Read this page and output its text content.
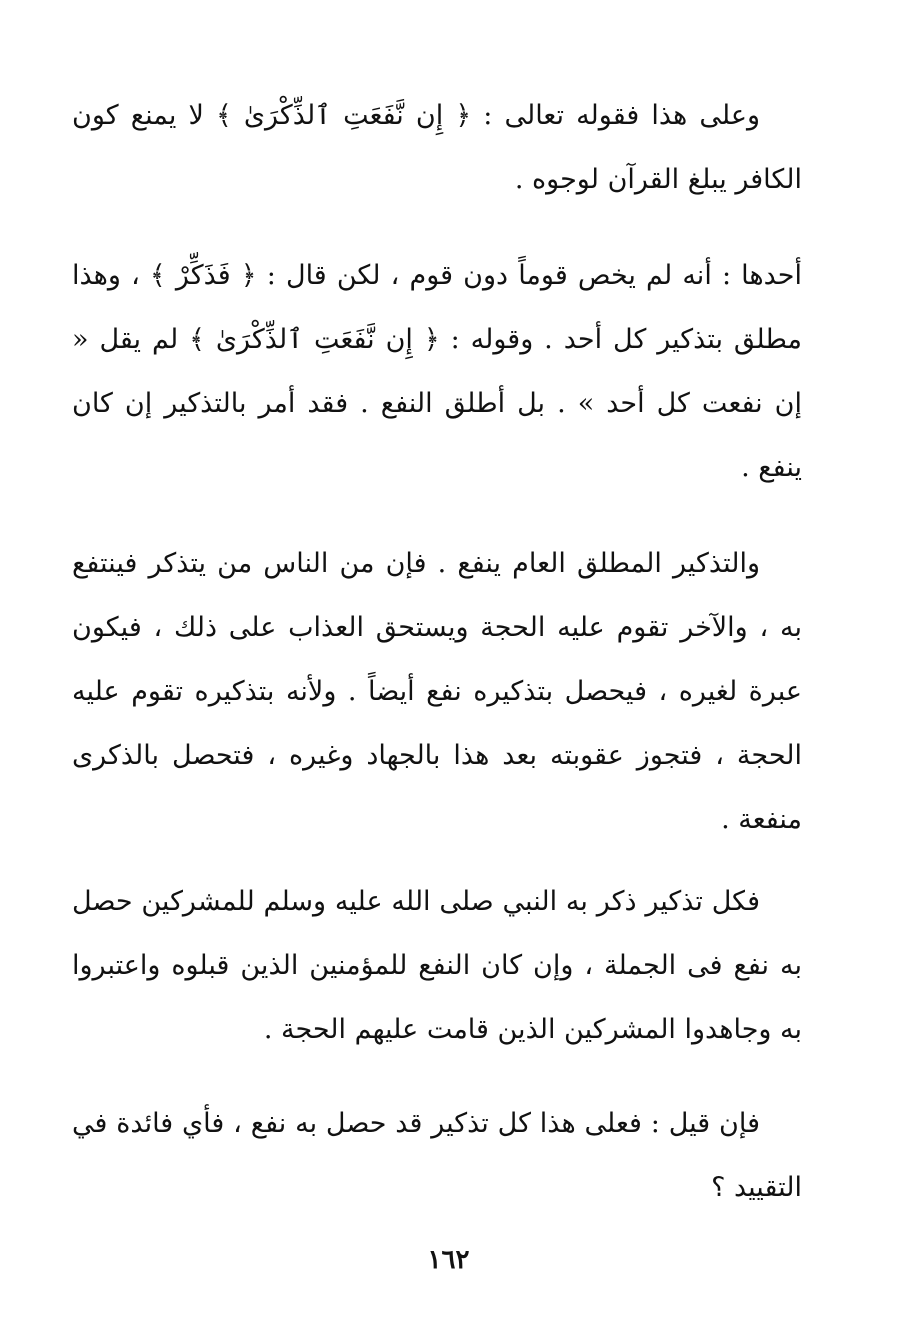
وعلى هذا فقوله تعالى : ﴿ إِن نَّفَعَتِ ٱلذِّكْرَىٰ ﴾ لا يمنع كون الكافر يبلغ القرآن لوجوه .

أحدها : أنه لم يخص قوماً دون قوم ، لكن قال : ﴿ فَذَكِّرْ ﴾ ، وهذا مطلق بتذكير كل أحد . وقوله : ﴿ إِن نَّفَعَتِ ٱلذِّكْرَىٰ ﴾ لم يقل « إن نفعت كل أحد » . بل أطلق النفع . فقد أمر بالتذكير إن كان ينفع .

والتذكير المطلق العام ينفع . فإن من الناس من يتذكر فينتفع به ، والآخر تقوم عليه الحجة ويستحق العذاب على ذلك ، فيكون عبرة لغيره ، فيحصل بتذكيره نفع أيضاً . ولأنه بتذكيره تقوم عليه الحجة ، فتجوز عقوبته بعد هذا بالجهاد وغيره ، فتحصل بالذكرى منفعة .

فكل تذكير ذكر به النبي صلى الله عليه وسلم للمشركين حصل به نفع فى الجملة ، وإن كان النفع للمؤمنين الذين قبلوه واعتبروا به وجاهدوا المشركين الذين قامت عليهم الحجة .

فإن قيل : فعلى هذا كل تذكير قد حصل به نفع ، فأي فائدة في التقييد ؟

١٦٢
